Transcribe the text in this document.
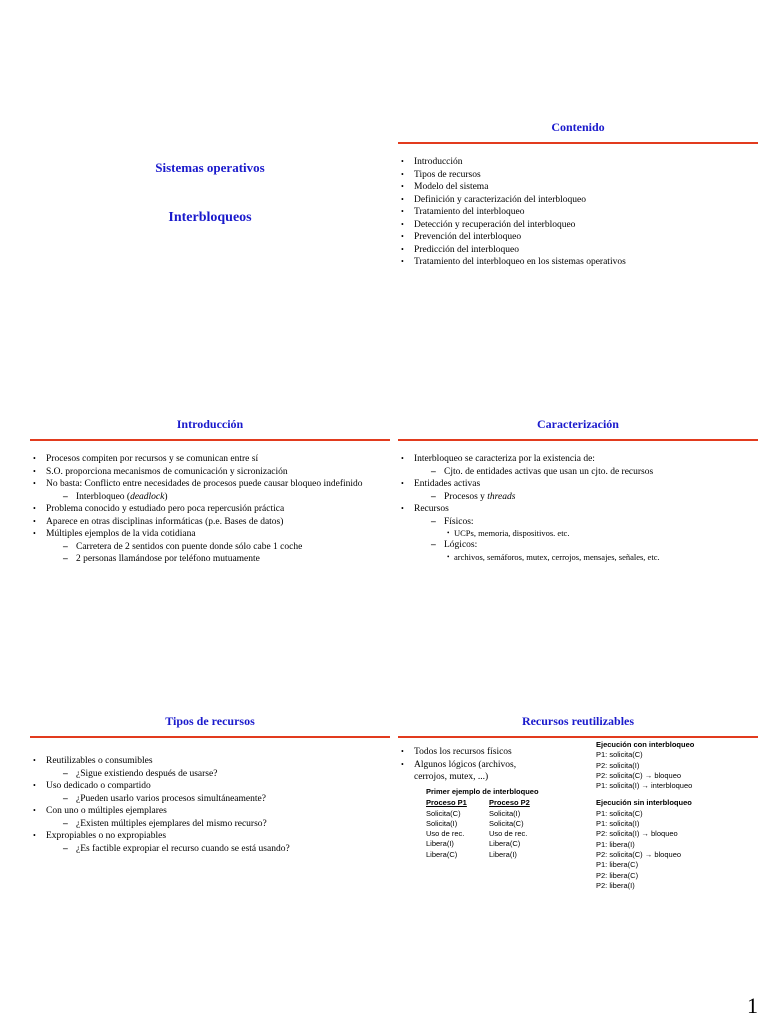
Sistemas operativos
Interbloqueos
Contenido
• Introducción
• Tipos de recursos
• Modelo del sistema
• Definición y caracterización del interbloqueo
• Tratamiento del interbloqueo
• Detección y recuperación del interbloqueo
• Prevención del interbloqueo
• Predicción del interbloqueo
• Tratamiento del interbloqueo en los sistemas operativos
Introducción
• Procesos compiten por recursos y se comunican entre sí
• S.O. proporciona mecanismos de comunicación y sicronización
• No basta: Conflicto entre necesidades de procesos puede causar bloqueo indefinido
– Interbloqueo (deadlock)
• Problema conocido y estudiado pero poca repercusión práctica
• Aparece en otras disciplinas informáticas (p.e. Bases de datos)
• Múltiples ejemplos de la vida cotidiana
– Carretera de 2 sentidos con puente donde sólo cabe 1 coche
– 2 personas llamándose por teléfono mutuamente
Caracterización
• Interbloqueo se caracteriza por la existencia de:
– Cjto. de entidades activas que usan un cjto. de recursos
• Entidades activas
– Procesos y threads
• Recursos
– Físicos:
• UCPs, memoria, dispositivos. etc.
– Lógicos:
• archivos, semáforos, mutex, cerrojos, mensajes, señales, etc.
Tipos de recursos
• Reutilizables o consumibles
– ¿Sigue existiendo después de usarse?
• Uso dedicado o compartido
– ¿Pueden usarlo varios procesos simultáneamente?
• Con uno o múltiples ejemplares
– ¿Existen múltiples ejemplares del mismo recurso?
• Expropiables o no expropiables
– ¿Es factible expropiar el recurso cuando se está usando?
Recursos reutilizables
• Todos los recursos físicos
• Algunos lógicos (archivos, cerrojos, mutex, ...)
Primer ejemplo de interbloqueo
Proceso P1	Proceso P2
Solicita(C)	Solicita(I)
Solicita(I)	Solicita(C)
Uso de rec.	Uso de rec.
Libera(I)	Libera(C)
Libera(C)	Libera(I)
Ejecución con interbloqueo
P1: solicita(C)
P2: solicita(I)
P2: solicita(C) → bloqueo
P1: solicita(I) → interbloqueo
Ejecución sin interbloqueo
P1: solicita(C)
P1: solicita(I)
P2: solicita(I) → bloqueo
P1: libera(I)
P2: solicita(C) → bloqueo
P1: libera(C)
P2: libera(C)
P2: libera(I)
1
